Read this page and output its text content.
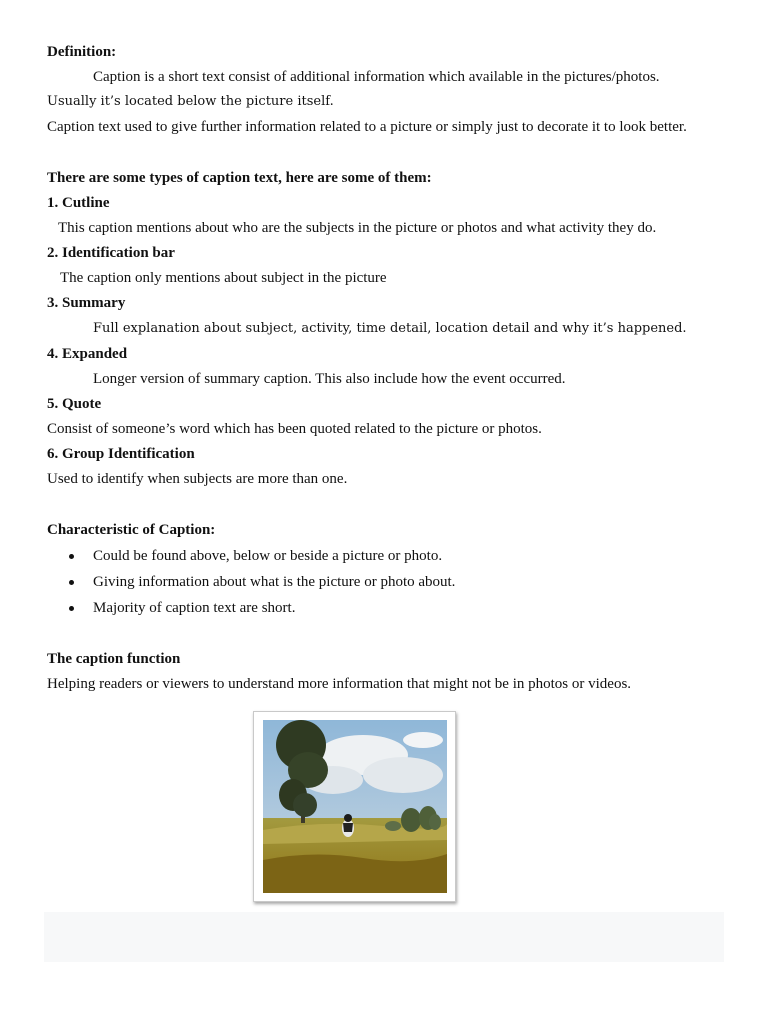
Definition:
Caption is a short text consist of additional information which available in the pictures/photos.
Usually it’s located below the picture itself.
Caption text used to give further information related to a picture or simply just to decorate it to look better.
There are some types of caption text, here are some of them:
1. Cutline
This caption mentions about who are the subjects in the picture or photos and what activity they do.
2. Identification bar
The caption only mentions about subject in the picture
3. Summary
Full explanation about subject, activity, time detail, location detail and why it’s happened.
4. Expanded
Longer version of summary caption. This also include how the event occurred.
5. Quote
Consist of someone’s word which has been quoted related to the picture or photos.
6. Group Identification
Used to identify when subjects are more than one.
Characteristic of Caption:
Could be found above, below or beside a picture or photo.
Giving information about what is the picture or photo about.
Majority of caption text are short.
The caption function
Helping readers or viewers to understand more information that might not be in photos or videos.
